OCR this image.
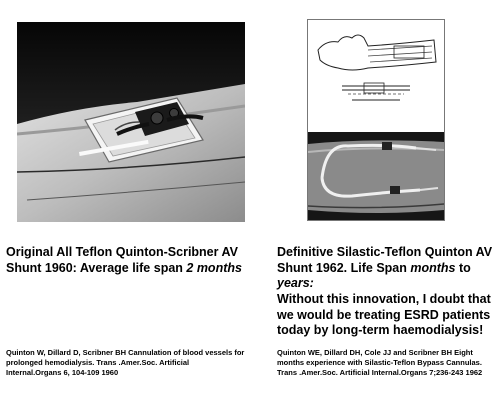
Original All Teflon Quinton-Scribner AV Shunt 1960: Average life span 2 months

Definitive Silastic-Teflon Quinton AV Shunt 1962. Life Span months to years:

Without this innovation, I doubt that we would be treating ESRD patients today by long-term haemodialysis!

Quinton W, Dillard D, Scribner BH Cannulation of blood vessels for prolonged hemodialysis. Trans .Amer.Soc. Artificial Internal.Organs 6, 104-109 1960

Quinton WE, Dillard DH, Cole JJ and Scribner BH Eight months experience with Silastic-Teflon Bypass Cannulas. Trans .Amer.Soc. Artificial Internal.Organs 7;236-243 1962
